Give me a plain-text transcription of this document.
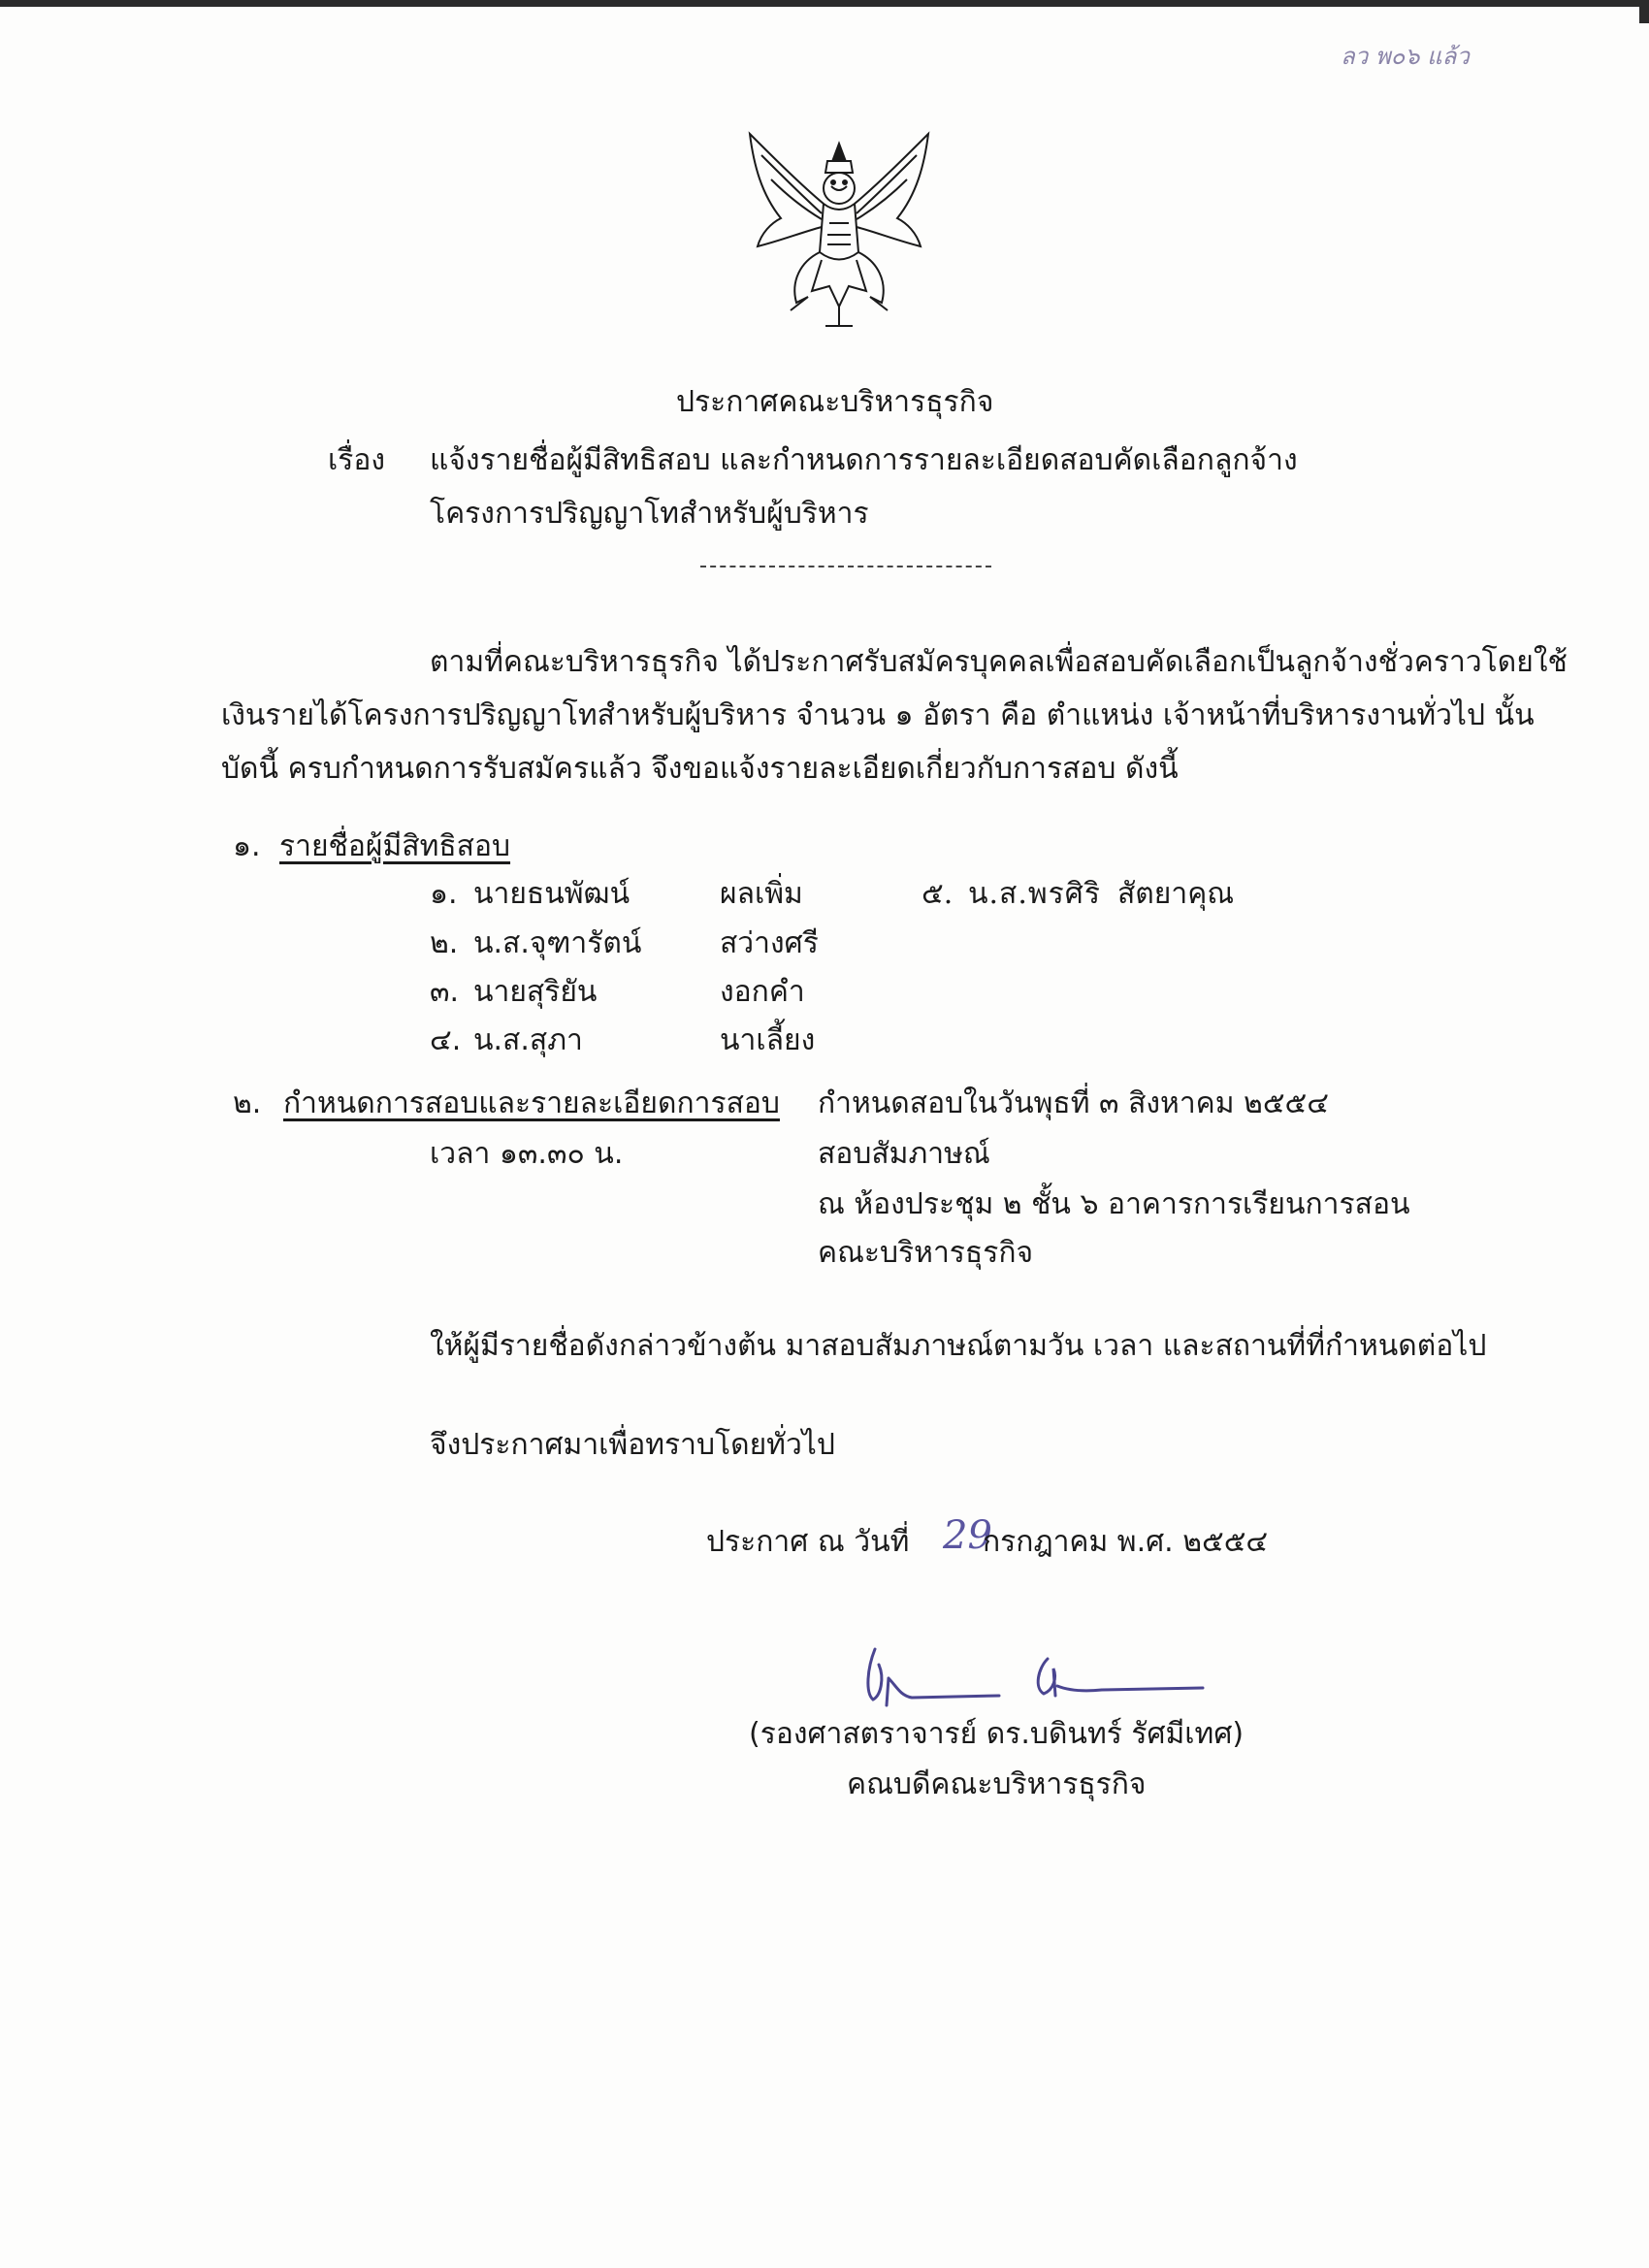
ลว พ๐๖ แล้ว
ประกาศคณะบริหารธุรกิจ
เรื่อง แจ้งรายชื่อผู้มีสิทธิสอบ และกำหนดการรายละเอียดสอบคัดเลือกลูกจ้าง
โครงการปริญญาโทสำหรับผู้บริหาร
ตามที่คณะบริหารธุรกิจ ได้ประกาศรับสมัครบุคคลเพื่อสอบคัดเลือกเป็นลูกจ้างชั่วคราวโดยใช้
เงินรายได้โครงการปริญญาโทสำหรับผู้บริหาร จำนวน ๑ อัตรา คือ ตำแหน่ง เจ้าหน้าที่บริหารงานทั่วไป นั้น
บัดนี้ ครบกำหนดการรับสมัครแล้ว จึงขอแจ้งรายละเอียดเกี่ยวกับการสอบ ดังนี้
๑. รายชื่อผู้มีสิทธิสอบ
๑. นายธนพัฒน์	ผลเพิ่ม
๒. น.ส.จุฑารัตน์	สว่างศรี
๓. นายสุริยัน	งอกคำ
๔. น.ส.สุภา	นาเลี้ยง
๕. น.ส.พรศิริ สัตยาคุณ
๒. กำหนดการสอบและรายละเอียดการสอบ
เวลา ๑๓.๓๐ น.
กำหนดสอบในวันพุธที่ ๓ สิงหาคม ๒๕๕๔
สอบสัมภาษณ์
ณ ห้องประชุม ๒ ชั้น ๖ อาคารการเรียนการสอน
คณะบริหารธุรกิจ
ให้ผู้มีรายชื่อดังกล่าวข้างต้น มาสอบสัมภาษณ์ตามวัน เวลา และสถานที่ที่กำหนดต่อไป
จึงประกาศมาเพื่อทราบโดยทั่วไป
ประกาศ ณ วันที่ 29
กรกฎาคม พ.ศ. ๒๕๕๔
(รองศาสตราจารย์ ดร.บดินทร์ รัศมีเทศ)
คณบดีคณะบริหารธุรกิจ
